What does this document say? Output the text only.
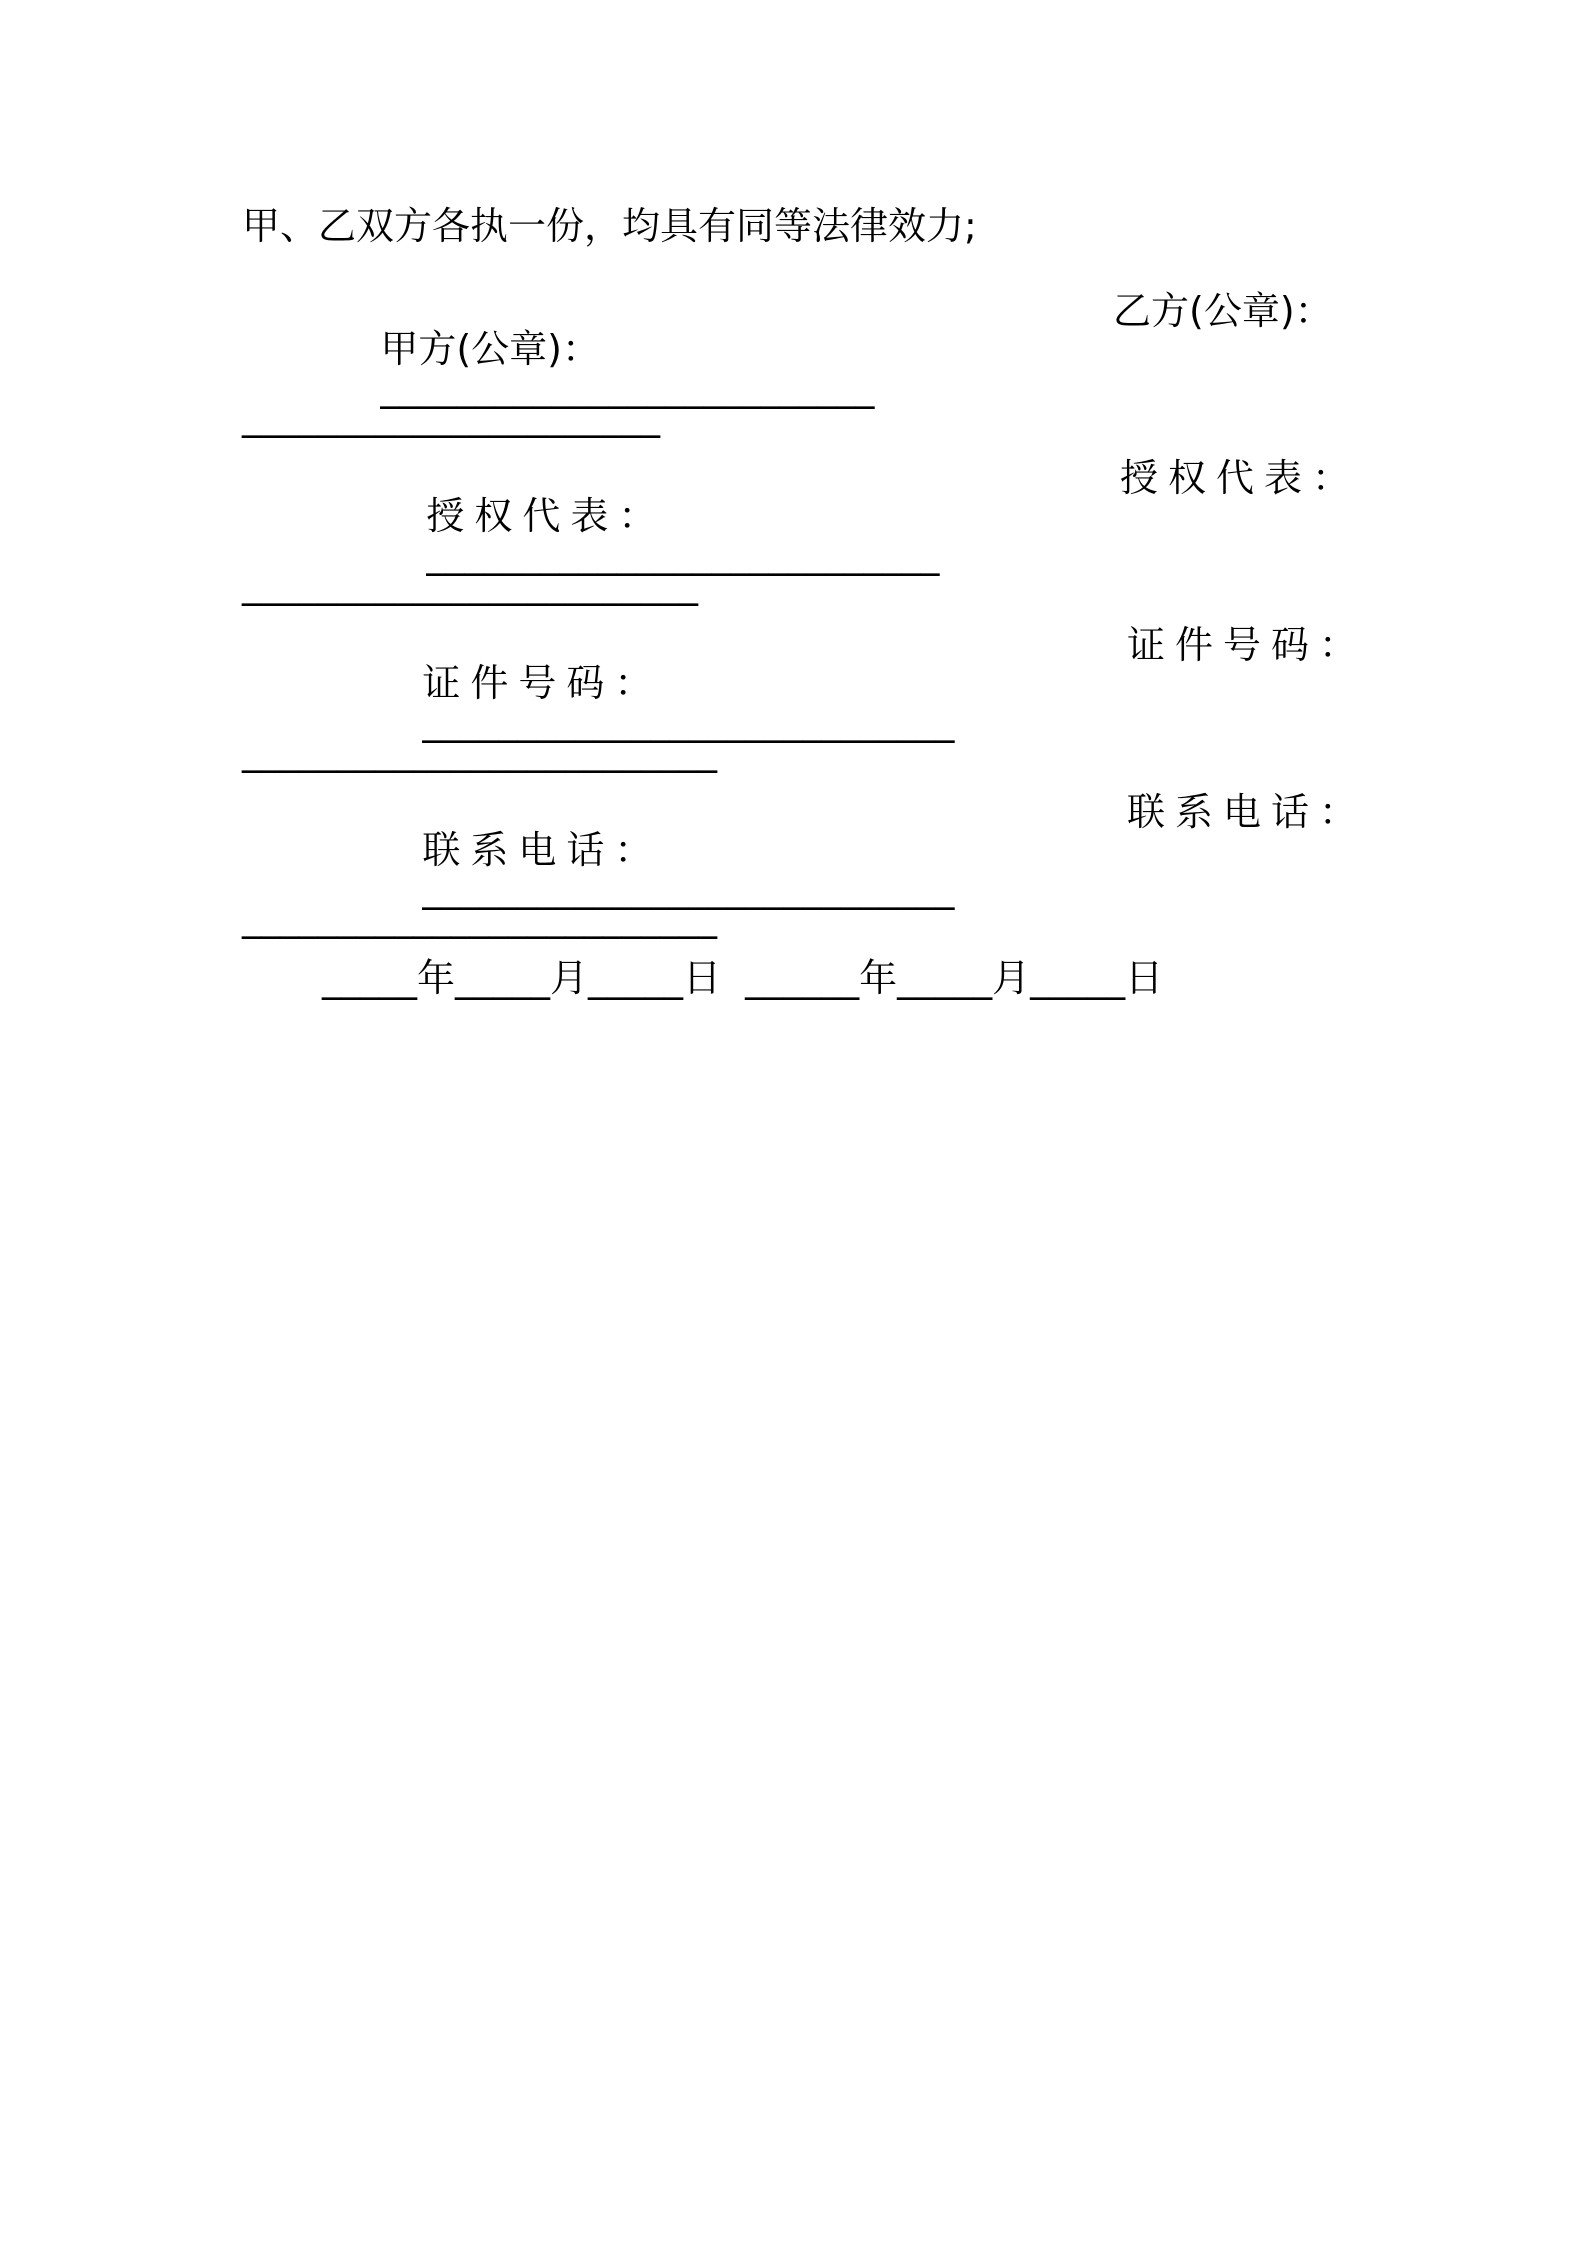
甲、乙双方各执一份，均具有同等法律效力;

甲方(公章)：
__________________________

乙方(公章)：
______________________

授权代表：
___________________________

授权代表：
________________________

证件号码：
____________________________

证件号码：
_________________________

联系电话：
____________________________

联系电话：
_________________________
_____年_____月_____日  ______年_____月_____日
